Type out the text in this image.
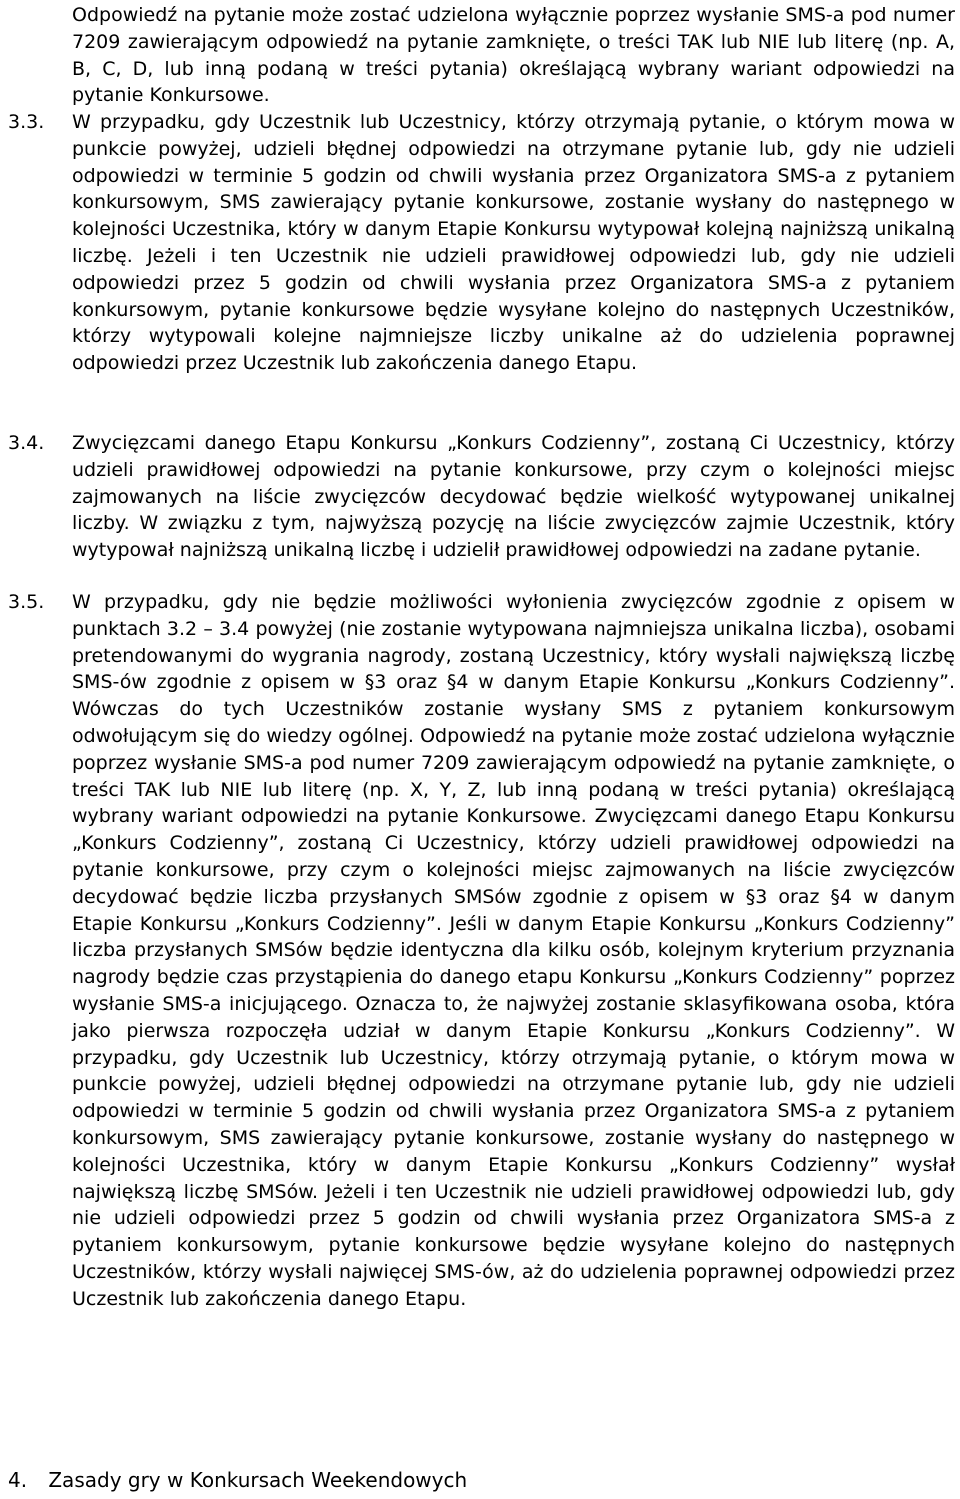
Odpowiedź na pytanie może zostać udzielona wyłącznie poprzez wysłanie SMS-a pod numer 7209 zawierającym odpowiedź na pytanie zamknięte, o treści TAK lub NIE lub literę (np. A, B, C, D, lub inną podaną w treści pytania) określającą wybrany wariant odpowiedzi na pytanie Konkursowe.

3.3.	W przypadku, gdy Uczestnik lub Uczestnicy, którzy otrzymają pytanie, o którym mowa w punkcie powyżej, udzieli błędnej odpowiedzi na otrzymane pytanie lub, gdy nie udzieli odpowiedzi w terminie 5 godzin od chwili wysłania przez Organizatora SMS-a z pytaniem konkursowym, SMS zawierający pytanie konkursowe, zostanie wysłany do następnego w kolejności Uczestnika, który w danym Etapie Konkursu wytypował kolejną najniższą unikalną liczbę. Jeżeli i ten Uczestnik nie udzieli prawidłowej odpowiedzi lub, gdy nie udzieli odpowiedzi przez 5 godzin od chwili wysłania przez Organizatora SMS-a z pytaniem konkursowym, pytanie konkursowe będzie wysyłane kolejno do następnych Uczestników, którzy wytypowali kolejne najmniejsze liczby unikalne aż do udzielenia poprawnej odpowiedzi przez Uczestnik lub zakończenia danego Etapu.
3.4.	Zwycięzcami danego Etapu Konkursu „Konkurs Codzienny”, zostaną Ci Uczestnicy, którzy udzieli prawidłowej odpowiedzi na pytanie konkursowe, przy czym o kolejności miejsc zajmowanych na liście zwycięzców decydować będzie wielkość wytypowanej unikalnej liczby. W związku z tym, najwyższą pozycję na liście zwycięzców zajmie Uczestnik, który wytypował najniższą unikalną liczbę i udzielił prawidłowej odpowiedzi na zadane pytanie.
3.5.	W przypadku, gdy nie będzie możliwości wyłonienia zwycięzców zgodnie z opisem w punktach 3.2 – 3.4 powyżej (nie zostanie wytypowana najmniejsza unikalna liczba), osobami pretendowanymi do wygrania nagrody, zostaną Uczestnicy, który wysłali największą liczbę SMS-ów zgodnie z opisem w §3 oraz §4 w danym Etapie Konkursu „Konkurs Codzienny”. Wówczas do tych Uczestników zostanie wysłany SMS z pytaniem konkursowym odwołującym się do wiedzy ogólnej. Odpowiedź na pytanie może zostać udzielona wyłącznie poprzez wysłanie SMS-a pod numer 7209 zawierającym odpowiedź na pytanie zamknięte, o treści TAK lub NIE lub literę (np. X, Y, Z, lub inną podaną w treści pytania) określającą wybrany wariant odpowiedzi na pytanie Konkursowe. Zwycięzcami danego Etapu Konkursu „Konkurs Codzienny”, zostaną Ci Uczestnicy, którzy udzieli prawidłowej odpowiedzi na pytanie konkursowe, przy czym o kolejności miejsc zajmowanych na liście zwycięzców decydować będzie liczba przysłanych SMSów zgodnie z opisem w §3 oraz §4 w danym Etapie Konkursu „Konkurs Codzienny”. Jeśli w danym Etapie Konkursu „Konkurs Codzienny” liczba przysłanych SMSów będzie identyczna dla kilku osób, kolejnym kryterium przyznania nagrody będzie czas przystąpienia do danego etapu Konkursu „Konkurs Codzienny” poprzez wysłanie SMS-a inicjującego. Oznacza to, że najwyżej zostanie sklasyfikowana osoba, która jako pierwsza rozpoczęła udział w danym Etapie Konkursu „Konkurs Codzienny”. W przypadku, gdy Uczestnik lub Uczestnicy, którzy otrzymają pytanie, o którym mowa w punkcie powyżej, udzieli błędnej odpowiedzi na otrzymane pytanie lub, gdy nie udzieli odpowiedzi w terminie 5 godzin od chwili wysłania przez Organizatora SMS-a z pytaniem konkursowym, SMS zawierający pytanie konkursowe, zostanie wysłany do następnego w kolejności Uczestnika, który w danym Etapie Konkursu „Konkurs Codzienny” wysłał największą liczbę SMSów. Jeżeli i ten Uczestnik nie udzieli prawidłowej odpowiedzi lub, gdy nie udzieli odpowiedzi przez 5 godzin od chwili wysłania przez Organizatora SMS-a z pytaniem konkursowym, pytanie konkursowe będzie wysyłane kolejno do następnych Uczestników, którzy wysłali najwięcej SMS-ów, aż do udzielenia poprawnej odpowiedzi przez Uczestnik lub zakończenia danego Etapu.
4. Zasady gry w Konkursach Weekendowych
